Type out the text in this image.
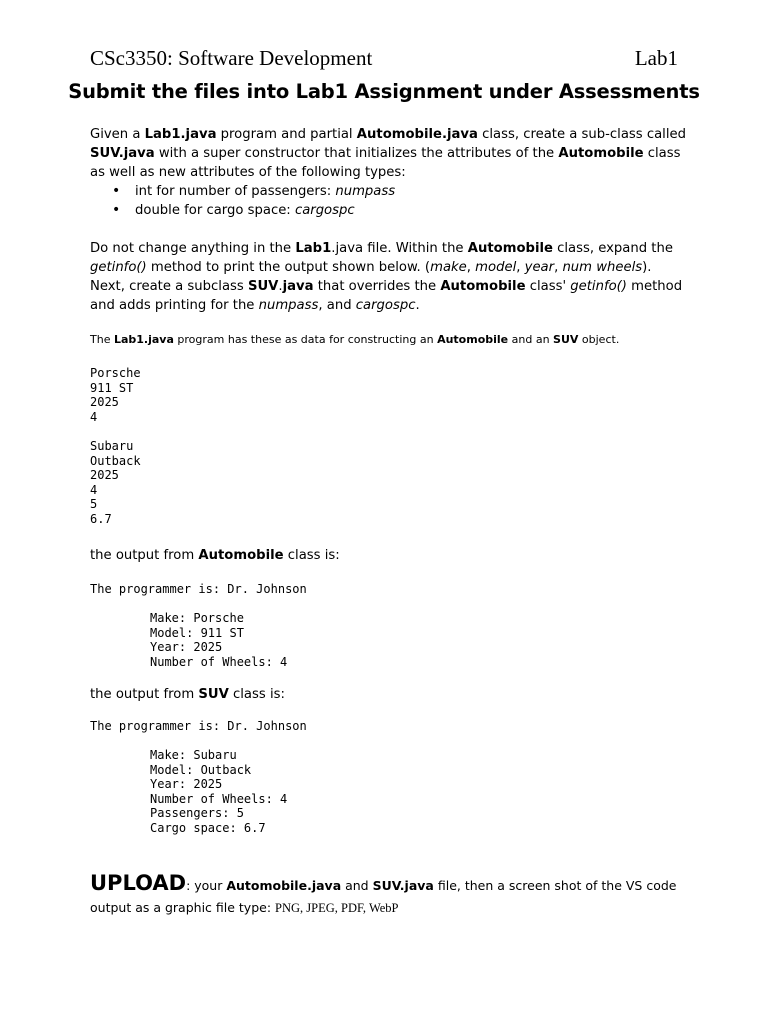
CSc3350: Software Development	Lab1
Submit the files into Lab1 Assignment under Assessments
Given a Lab1.java program and partial Automobile.java class, create a sub-class called SUV.java with a super constructor that initializes the attributes of the Automobile class as well as new attributes of the following types:
• int for number of passengers: numpass
• double for cargo space: cargospc
Do not change anything in the Lab1.java file. Within the Automobile class, expand the getinfo() method to print the output shown below. (make, model, year, num wheels). Next, create a subclass SUV.java that overrides the Automobile class' getinfo() method and adds printing for the numpass, and cargospc.
The Lab1.java program has these as data for constructing an Automobile and an SUV object.
Porsche
911 ST
2025
4
Subaru
Outback
2025
4
5
6.7
the output from Automobile class is:
The programmer is: Dr. Johnson
Make: Porsche
Model: 911 ST
Year: 2025
Number of Wheels: 4
the output from SUV class is:
The programmer is: Dr. Johnson
Make: Subaru
Model: Outback
Year: 2025
Number of Wheels: 4
Passengers: 5
Cargo space: 6.7
UPLOAD: your Automobile.java and SUV.java file, then a screen shot of the VS code output as a graphic file type: PNG, JPEG, PDF, WebP
